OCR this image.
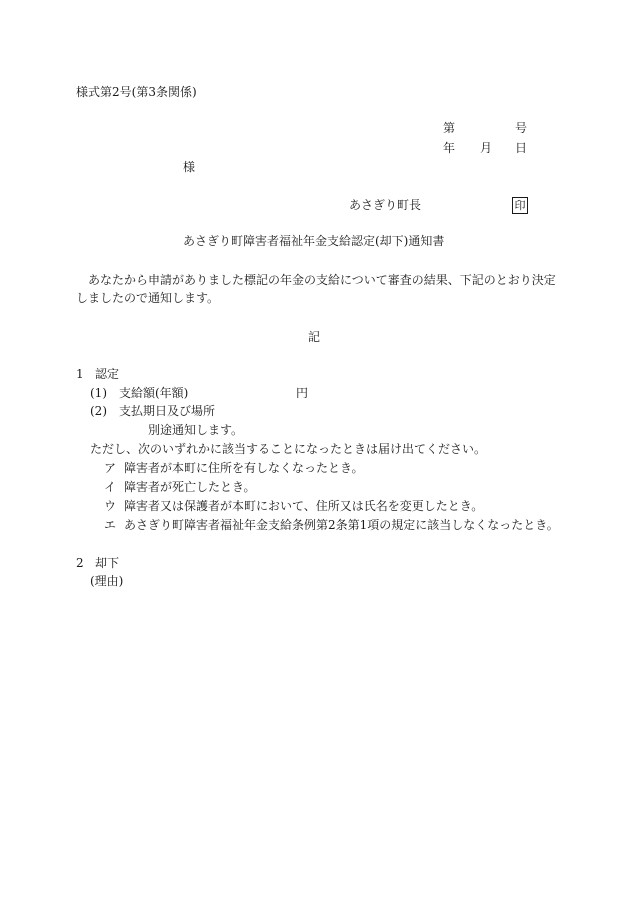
様式第2号(第3条関係)
第	号
年 月 日
様
あさぎり町長	印
あさぎり町障害者福祉年金支給認定(却下)通知書
あなたから申請がありました標記の年金の支給について審査の結果、下記のとおり決定
しましたので通知します。
記
1 認定
(1) 支給額(年額)	円
(2) 支払期日及び場所
別途通知します。
ただし、次のいずれかに該当することになったときは届け出てください。
ア 障害者が本町に住所を有しなくなったとき。
イ 障害者が死亡したとき。
ウ 障害者又は保護者が本町において、住所又は氏名を変更したとき。
エ あさぎり町障害者福祉年金支給条例第2条第1項の規定に該当しなくなったとき。
2 却下
(理由)
